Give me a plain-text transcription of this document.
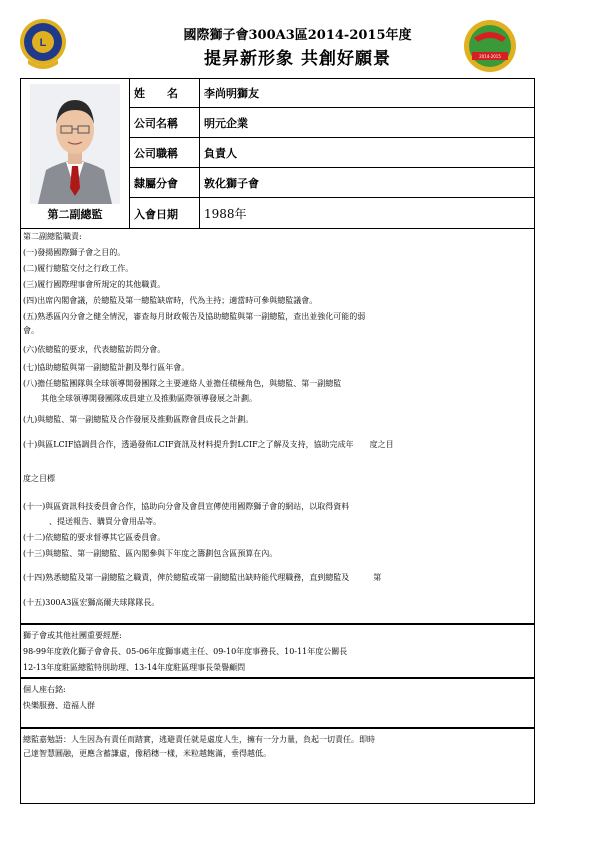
國際獅子會300A3區2014-2015年度
提昇新形象 共創好願景
L
2014-2015
第二副總監
姓　　名	李尚明獅友
公司名稱	明元企業
公司職稱	負責人
隸屬分會	敦化獅子會
入會日期	1988年
第二副總監職責:
(一)發揚國際獅子會之目的。
(二)履行總監交付之行政工作。
(三)履行國際理事會所規定的其他職責。
(四)出席內閣會議，於總監及第一總監缺席時，代為主持；適當時可參與總監議會。
(五)熟悉區內分會之健全情況，審查每月財政報告及協助總監與第一副總監，查出並強化可能的弱
會。
(六)依總監的要求，代表總監訪問分會。
(七)協助總監與第一副總監計劃及舉行區年會。
(八)擔任總監團隊與全球領導開發團隊之主要連絡人並擔任積極角色，與總監、第一副總監
其他全球領導開發團隊成員建立及推動區際領導發展之計劃。
(九)與總監、第一副總監及合作發展及推動區際會員成長之計劃。
(十)與區LCIF協調員合作，透過發佈LCIF資訊及材料提升對LCIF之了解及支持，協助完成年　　度之目
度之目標
(十一)與區資訊科技委員會合作，協助向分會及會員宣傳使用國際獅子會的網站，以取得資料
、提送報告、購買分會用品等。
(十二)依總監的要求督導其它區委員會。
(十三)與總監、第一副總監、區內閣參與下年度之籌劃包含區預算在內。
(十四)熟悉總監及第一副總監之職責，俾於總監或第一副總監出缺時能代理職務，直到總監及　　　第
(十五)300A3區宏獅高爾夫球隊隊長。
獅子會或其他社團重要經歷:
98-99年度敦化獅子會會長、05-06年度獅事處主任、09-10年度事務長、10-11年度公關長
12-13年度駐區總監特別助理、13-14年度駐區理事長榮譽顧問
個人座右銘:
快樂服務、造福人群
總監嘉勉語：人生因為有責任而踏實，逃避責任就是虛度人生，擁有一分力量，負起一切責任。即時
己達智慧圓融，更應含蓄謙虛，像稻穗一樣，米粒越飽滿，垂得越低。
